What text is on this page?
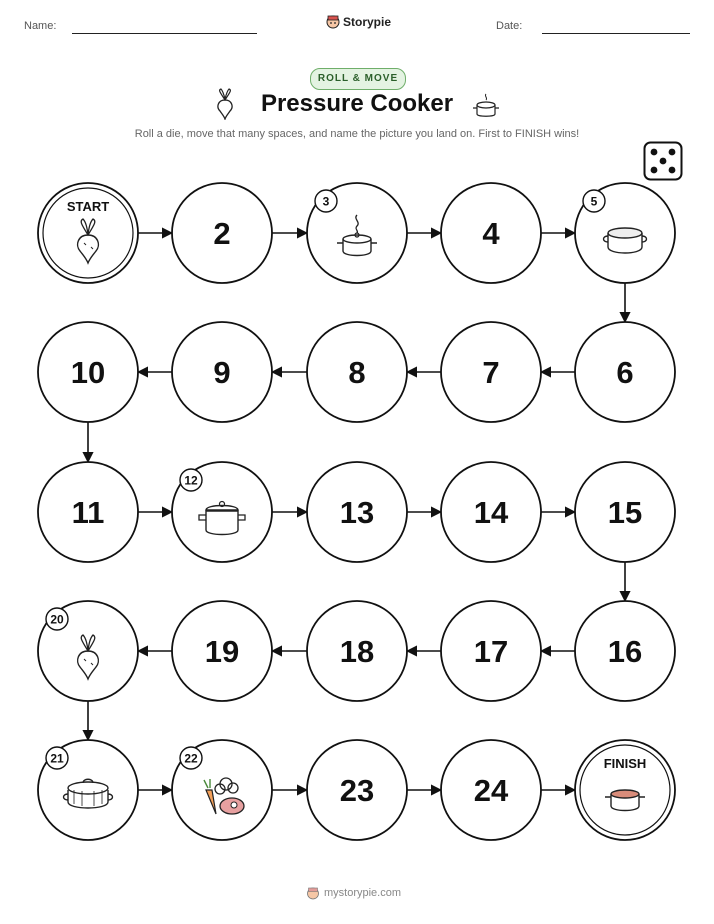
Name:	Storypie	Date:
ROLL & MOVE
Pressure Cooker
Roll a die, move that many spaces, and name the picture you land on. First to FINISH wins!
START
2
3
4
5
6
7
8
9
10
11
12
13	14	15
16
17
18
19
20
21	22
23	24
FINISH
mystorypie.com
